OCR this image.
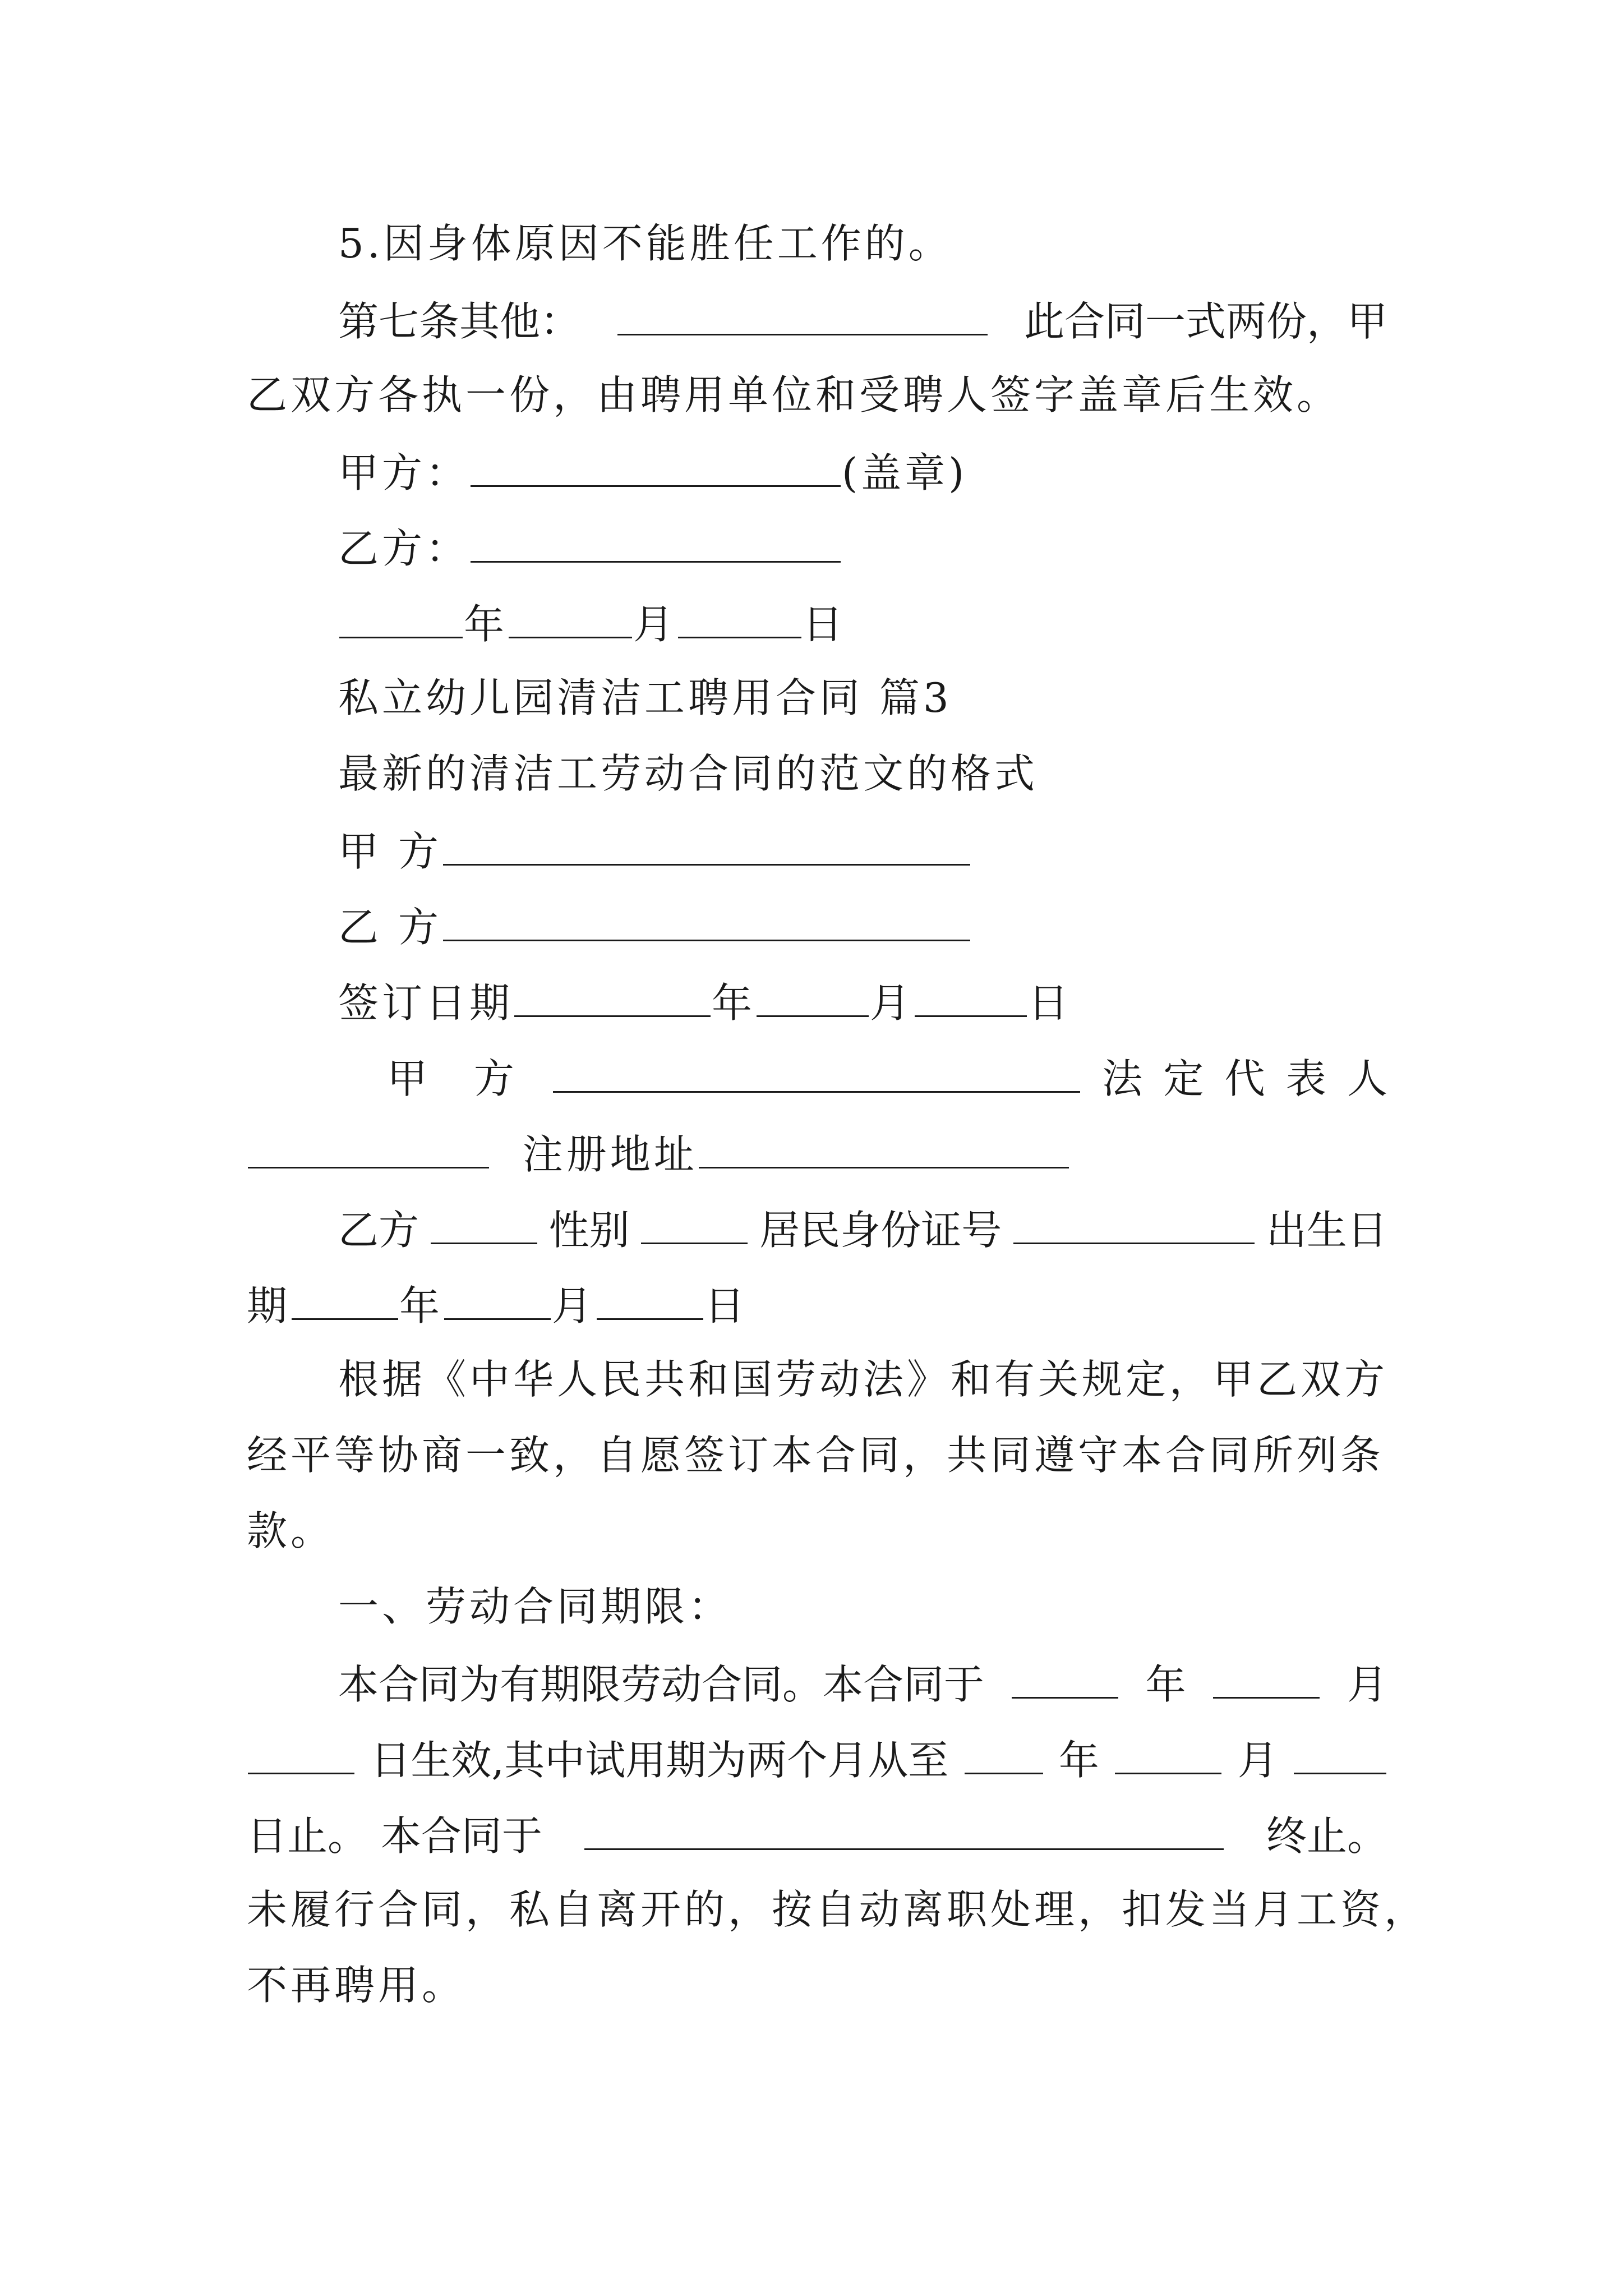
5.因身体原因不能胜任工作的。
第七条其他：	此合同一式两份，甲
乙双方各执一份，由聘用单位和受聘人签字盖章后生效。
甲方：	(盖章)
乙方：
年	月	日
私立幼儿园清洁工聘用合同 篇3
最新的清洁工劳动合同的范文的格式
甲 方
乙 方
签订日期	年	月	日
甲 方	法 定 代 表 人
注册地址
乙方	性别	居民身份证号	出生日
期	年	月	日
根据《中华人民共和国劳动法》和有关规定，甲乙双方
经平等协商一致，自愿签订本合同，共同遵守本合同所列条
款。
一、劳动合同期限：
本合同为有期限劳动合同。本合同于	年	月
日生效,其中试用期为两个月从至	年	月
日止。 本合同于	终止。
未履行合同，私自离开的，按自动离职处理，扣发当月工资，
不再聘用。
